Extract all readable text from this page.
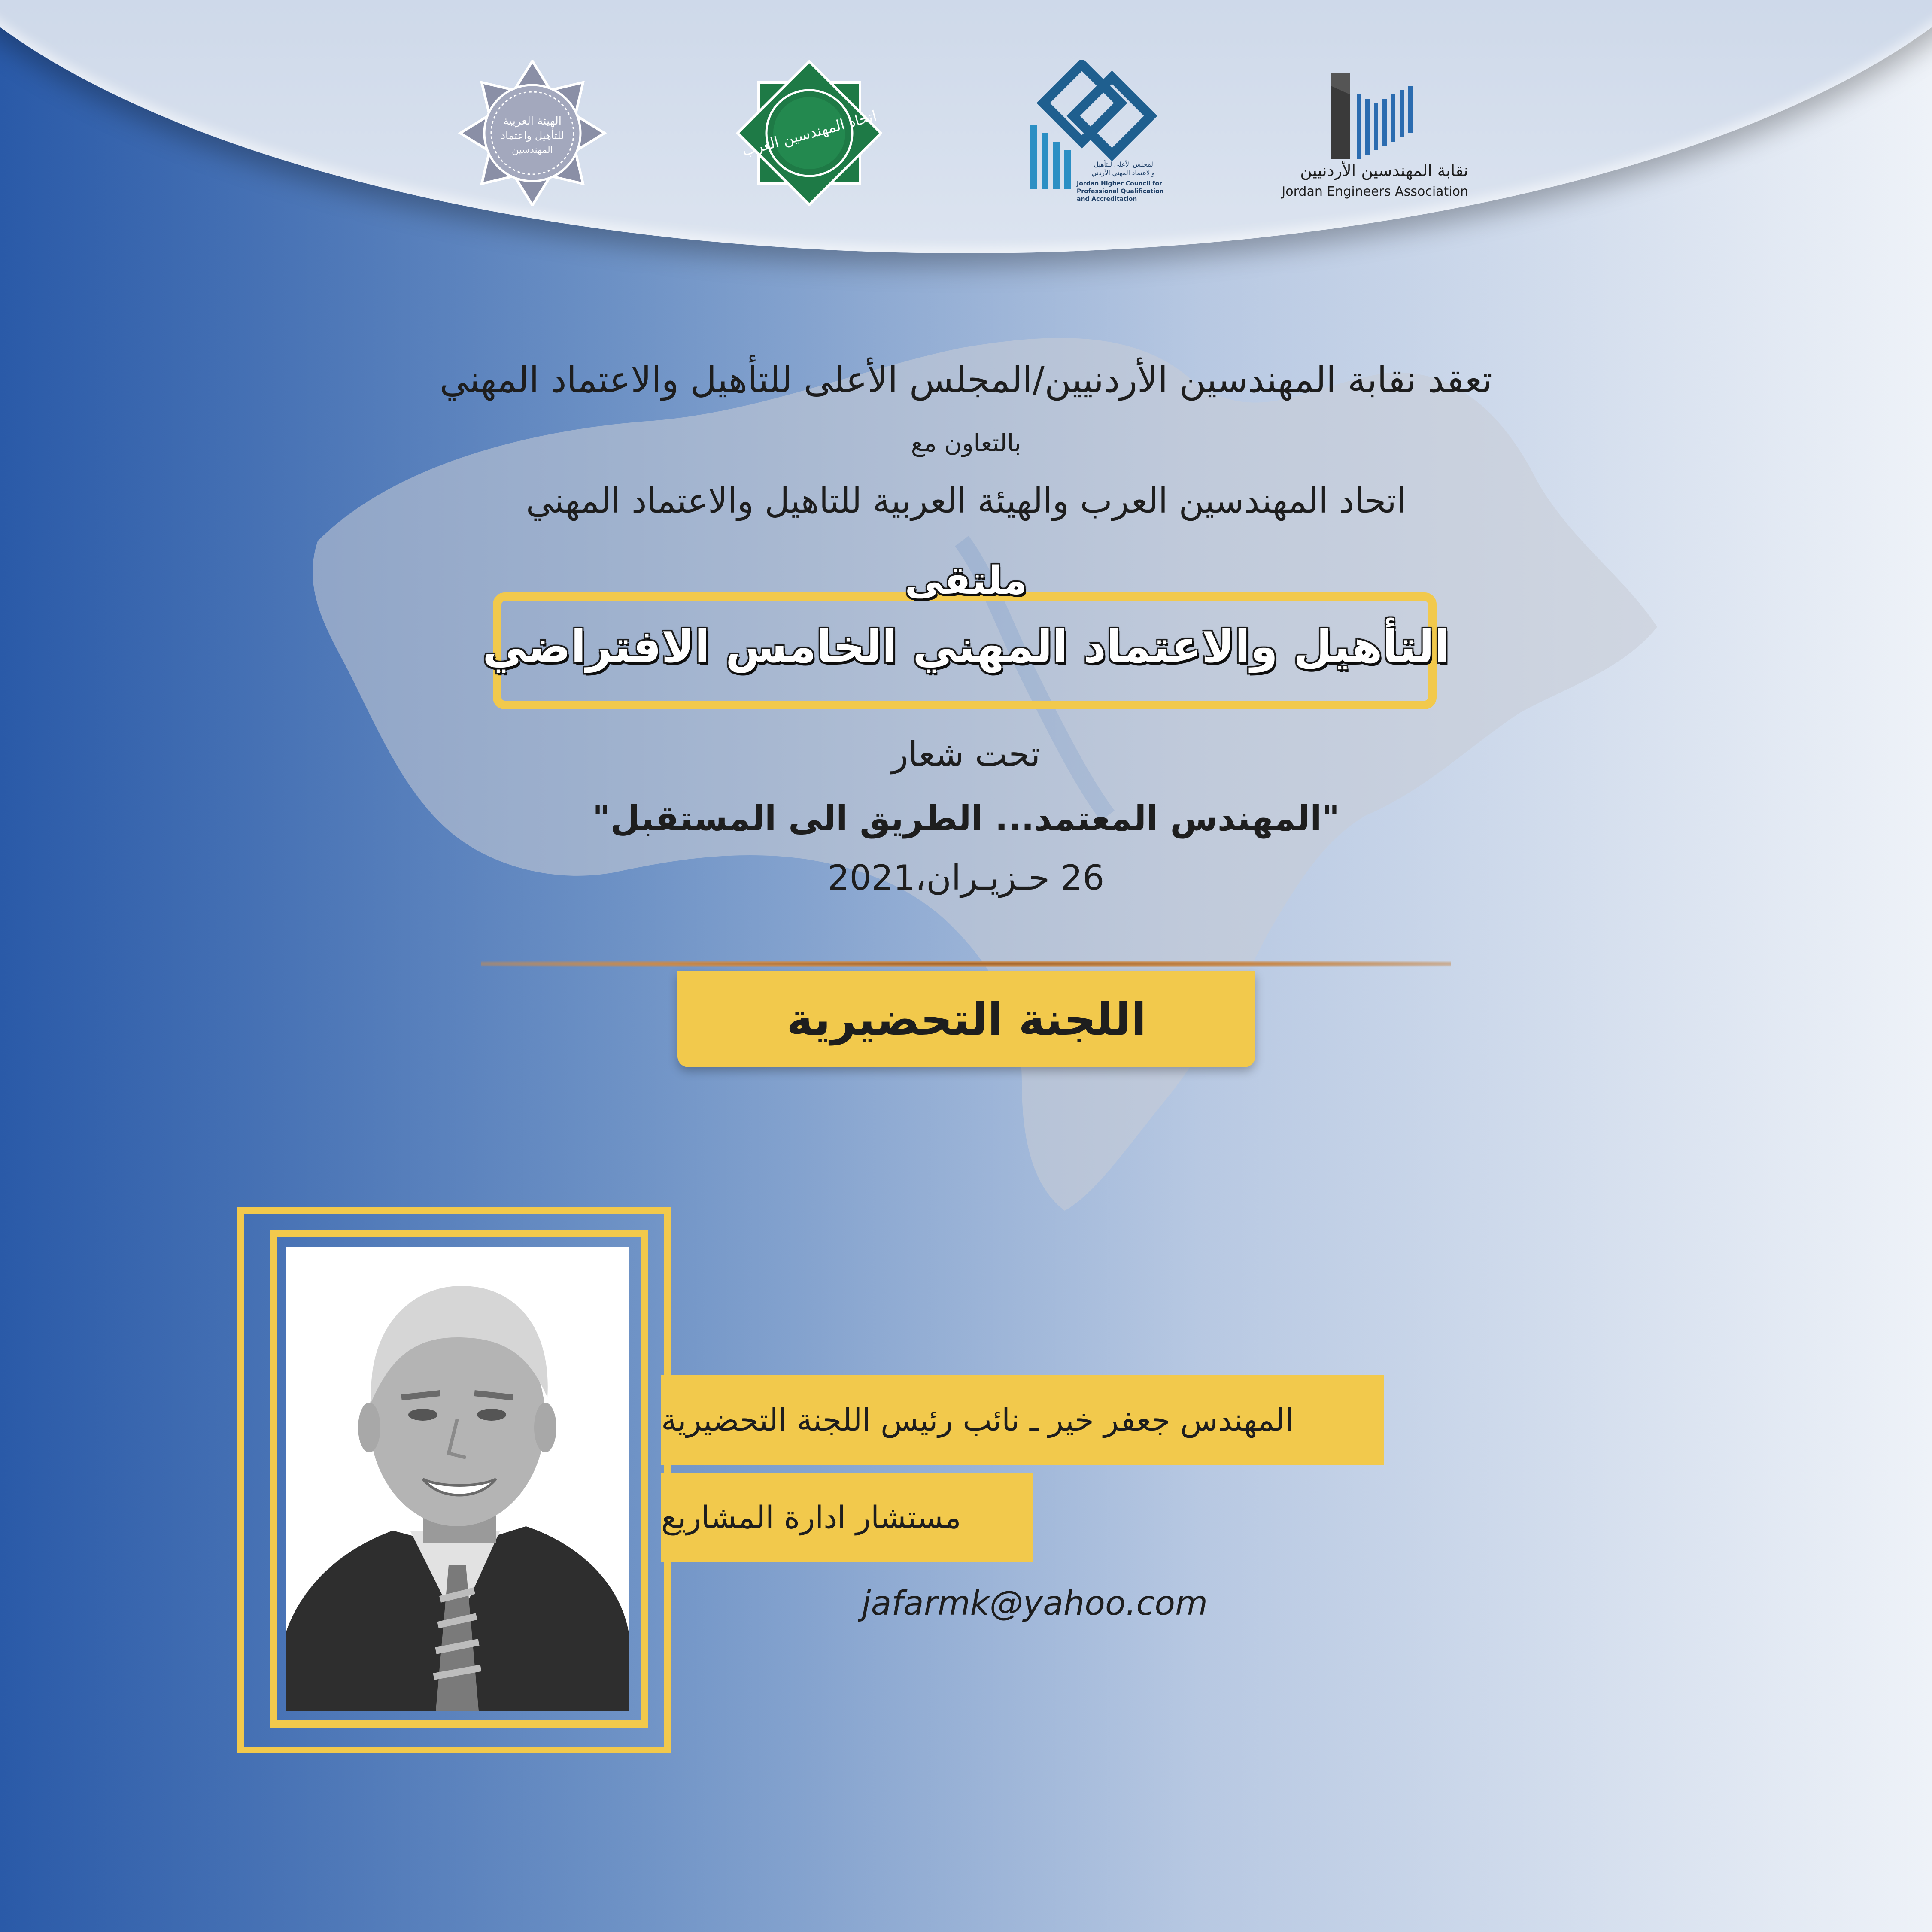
الهيئة العربية
للتأهيل واعتماد
المهندسين	اتحاد المهندسين العرب
المجلس الأعلى للتأهيل
والاعتماد المهني الأردني
Jordan Higher Council for
Professional Qualification
and Accreditation
نقابة المهندسين الأردنيين
Jordan Engineers Association
تعقد نقابة المهندسين الأردنيين/المجلس الأعلى للتأهيل والاعتماد المهني
بالتعاون مع
اتحاد المهندسين العرب والهيئة العربية للتاهيل والاعتماد المهني
ملتقى
التأهيل والاعتماد المهني الخامس الافتراضي
تحت شعار
"المهندس المعتمد... الطريق الى المستقبل"
26 حـزيـران،2021
اللجنة التحضيرية
المهندس جعفر خير ـ نائب رئيس اللجنة التحضيرية
مستشار ادارة المشاريع
jafarmk@yahoo.com
